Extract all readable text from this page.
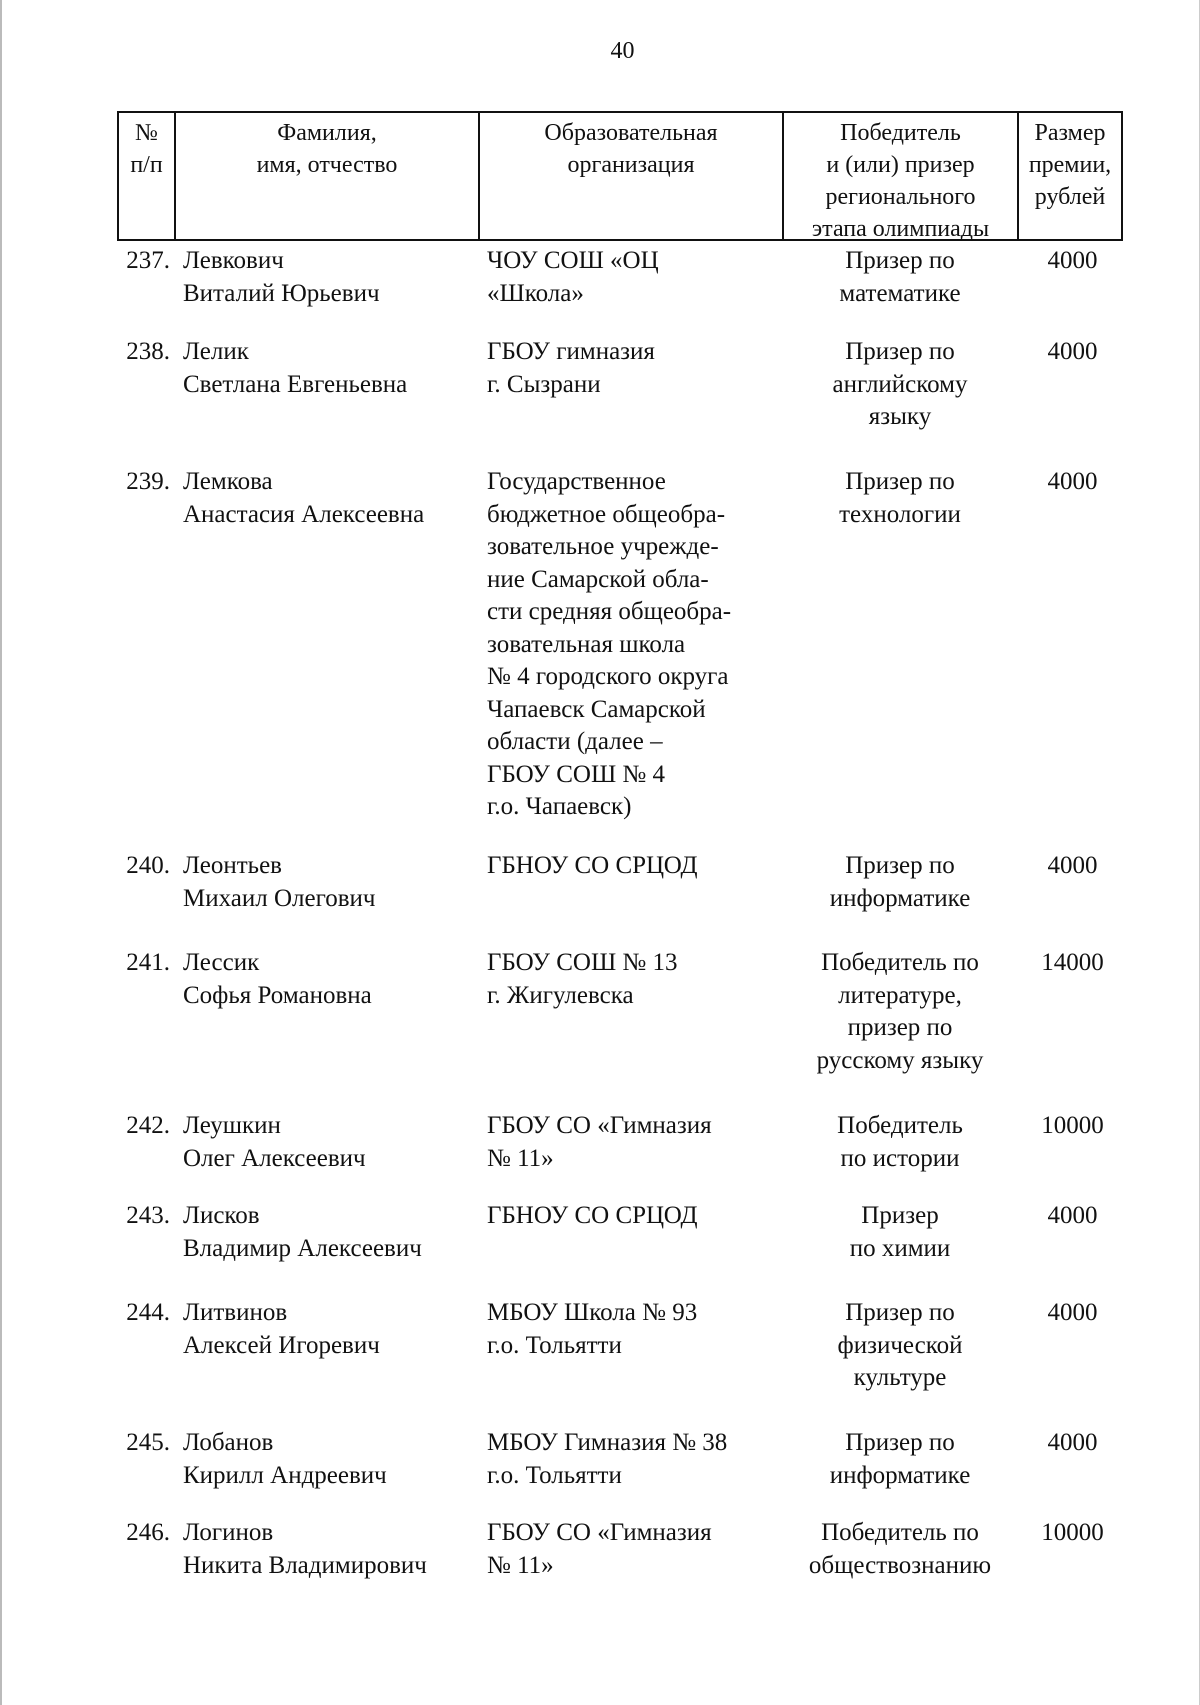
40
№
п/п
Фамилия,
имя, отчество
Образовательная
организация
Победитель
и (или) призер
регионального
этапа олимпиады
Размер
премии,
рублей
237. Левкович
Виталий Юрьевич
ЧОУ СОШ «ОЦ
«Школа»
Призер по
математике
4000
238. Лелик
Светлана Евгеньевна
ГБОУ гимназия
г. Сызрани
Призер по
английскому
языку
4000
239. Лемкова
Анастасия Алексеевна
Государственное
бюджетное общеобра-
зовательное учрежде-
ние Самарской обла-
сти средняя общеобра-
зовательная школа
№ 4 городского округа
Чапаевск Самарской
области (далее –
ГБОУ СОШ № 4
г.о. Чапаевск)
Призер по
технологии
4000
240. Леонтьев
Михаил Олегович
ГБНОУ СО СРЦОД	Призер по
информатике
4000
241. Лессик
Софья Романовна
ГБОУ СОШ № 13
г. Жигулевска
Победитель по
литературе,
призер по
русскому языку
14000
242. Леушкин
Олег Алексеевич
ГБОУ СО «Гимназия
№ 11»
Победитель
по истории
10000
243. Лисков
Владимир Алексеевич
ГБНОУ СО СРЦОД	Призер
по химии
4000
244. Литвинов
Алексей Игоревич
МБОУ Школа № 93
г.о. Тольятти
Призер по
физической
культуре
4000
245. Лобанов
Кирилл Андреевич
МБОУ Гимназия № 38
г.о. Тольятти
Призер по
информатике
4000
246. Логинов
Никита Владимирович
ГБОУ СО «Гимназия
№ 11»
Победитель по
обществознанию
10000
